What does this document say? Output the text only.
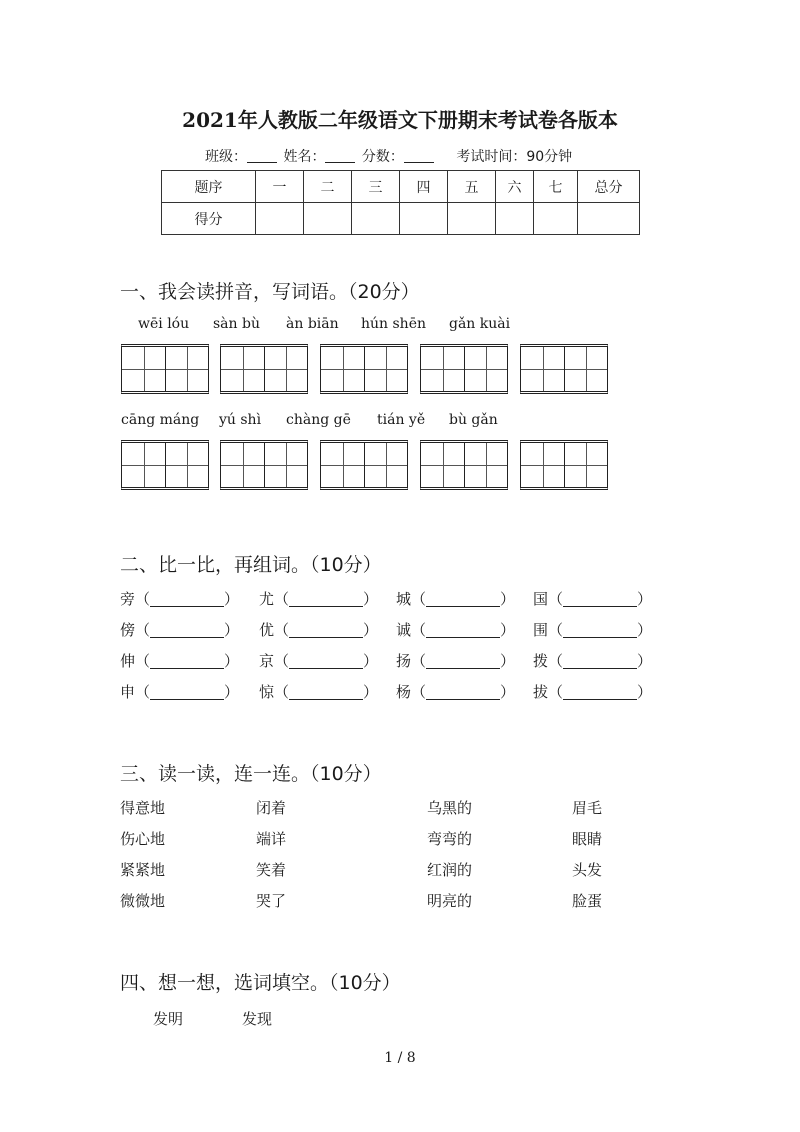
2021年人教版二年级语文下册期末考试卷各版本
班级：	姓名：	分数：	考试时间：90分钟
题序	一	二	三	四	五	六	七	总分
得分								
一、我会读拼音，写词语。（20分）
wēi lóu sàn bù àn biān hún shēn gǎn kuài
cāng máng yú shì chàng gē tián yě bù gǎn
二、比一比，再组词。（10分）
旁（	） 尤（	） 城（	） 国（	）
傍（	） 优（	） 诚（	） 围（	）
伸（	） 京（	） 扬（	） 拨（	）
申（	） 惊（	） 杨（	） 拔（	）
三、读一读，连一连。（10分）
得意地	闭着	乌黑的	眉毛
伤心地	端详	弯弯的	眼睛
紧紧地	笑着	红润的	头发
微微地	哭了	明亮的	脸蛋
四、想一想，选词填空。（10分）
发明	发现
1 / 8
